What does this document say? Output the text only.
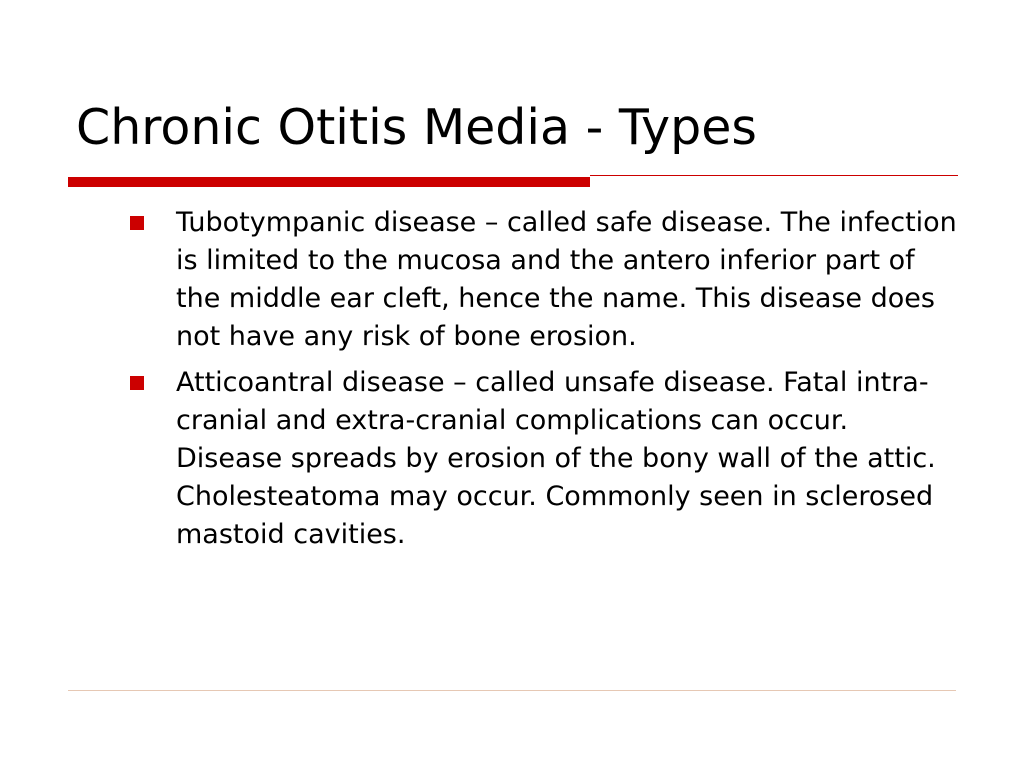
Chronic Otitis Media - Types
Tubotympanic disease – called safe disease. The infection is limited to the mucosa and the antero inferior part of the middle ear cleft, hence the name. This disease does not have any risk of bone erosion.
Atticoantral disease – called unsafe disease. Fatal intra-cranial and extra-cranial complications can occur. Disease spreads by erosion of the bony wall of the attic. Cholesteatoma may occur. Commonly seen in sclerosed mastoid cavities.
